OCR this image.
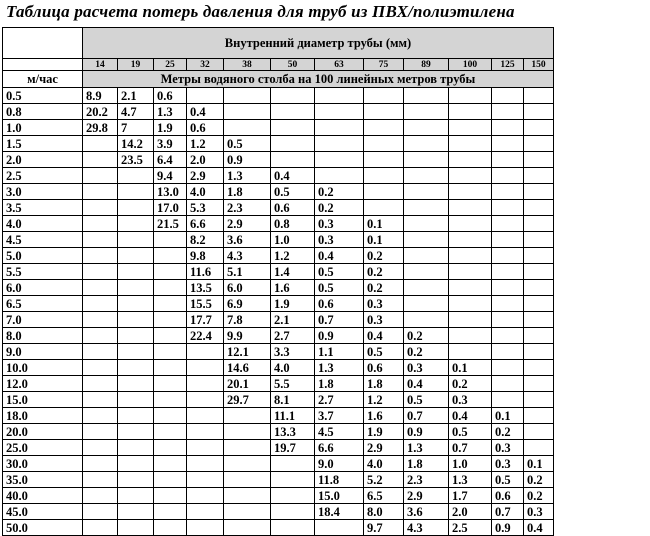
Таблица расчета потерь давления для труб из ПВХ/полиэтилена
	Внутренний диаметр трубы (мм)											
	14	19	25	32	38	50	63	75	89	100	125	150
м/час	Метры водяного столба на 100 линейных метров трубы											
0.5	8.9	2.1	0.6									
0.8	20.2	4.7	1.3	0.4								
1.0	29.8	7	1.9	0.6								
1.5		14.2	3.9	1.2	0.5							
2.0		23.5	6.4	2.0	0.9							
2.5			9.4	2.9	1.3	0.4						
3.0			13.0	4.0	1.8	0.5	0.2					
3.5			17.0	5.3	2.3	0.6	0.2					
4.0			21.5	6.6	2.9	0.8	0.3	0.1				
4.5				8.2	3.6	1.0	0.3	0.1				
5.0				9.8	4.3	1.2	0.4	0.2				
5.5				11.6	5.1	1.4	0.5	0.2				
6.0				13.5	6.0	1.6	0.5	0.2				
6.5				15.5	6.9	1.9	0.6	0.3				
7.0				17.7	7.8	2.1	0.7	0.3				
8.0				22.4	9.9	2.7	0.9	0.4	0.2			
9.0					12.1	3.3	1.1	0.5	0.2			
10.0					14.6	4.0	1.3	0.6	0.3	0.1		
12.0					20.1	5.5	1.8	1.8	0.4	0.2		
15.0					29.7	8.1	2.7	1.2	0.5	0.3		
18.0						11.1	3.7	1.6	0.7	0.4	0.1	
20.0						13.3	4.5	1.9	0.9	0.5	0.2	
25.0						19.7	6.6	2.9	1.3	0.7	0.3	
30.0							9.0	4.0	1.8	1.0	0.3	0.1
35.0							11.8	5.2	2.3	1.3	0.5	0.2
40.0							15.0	6.5	2.9	1.7	0.6	0.2
45.0							18.4	8.0	3.6	2.0	0.7	0.3
50.0								9.7	4.3	2.5	0.9	0.4
